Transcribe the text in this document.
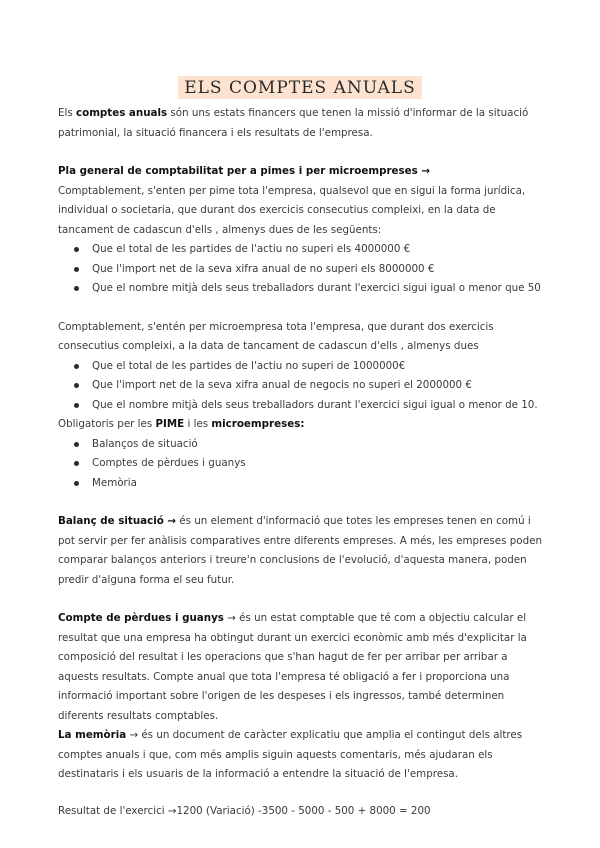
ELS COMPTES ANUALS

Els comptes anuals són uns estats financers que tenen la missió d'informar de la situació patrimonial, la situació financera i els resultats de l'empresa.

Pla general de comptabilitat per a pimes i per microempreses →

Comptablement, s'enten per pime tota l'empresa, qualsevol que en sigui la forma jurídica, individual o societaria, que durant dos exercicis consecutius compleixi, en la data de tancament de cadascun d'ells , almenys dues de les següents:

Que el total de les partides de l'actiu no superi els 4000000 €
Que l'import net de la seva xifra anual de no superi els 8000000 €
Que el nombre mitjà dels seus treballadors durant l'exercici sigui igual o menor que 50

Comptablement, s'entén per microempresa tota l'empresa, que durant dos exercicis consecutius compleixi, a la data de tancament de cadascun d'ells , almenys dues

Que el total de les partides de l'actiu no superi de 1000000€
Que l'import net de la seva xifra anual de negocis no superi el 2000000 €
Que el nombre mitjà dels seus treballadors durant l'exercici sigui igual o menor de 10.

Obligatoris per les PIME i les microempreses:

Balanços de situació
Comptes de pèrdues i guanys
Memòria

Balanç de situació → és un element d'informació que totes les empreses tenen en comú i pot servir per fer anàlisis comparatives entre diferents empreses. A més, les empreses poden comparar balanços anteriors i treure'n conclusions de l'evolució, d'aquesta manera, poden predir d'alguna forma el seu futur.

Compte de pèrdues i guanys → és un estat comptable que té com a objectiu calcular el resultat que una empresa ha obtingut durant un exercici econòmic amb més d'explicitar la composició del resultat i les operacions que s'han hagut de fer per arribar per arribar a aquests resultats. Compte anual que tota l'empresa té obligació a fer i proporciona una informació important sobre l'origen de les despeses i els ingressos, també determinen diferents resultats comptables.

La memòria → és un document de caràcter explicatiu que amplia el contingut dels altres comptes anuals i que, com més amplis siguin aquests comentaris, més ajudaran els destinataris i els usuaris de la informació a entendre la situació de l'empresa.

Resultat de l'exercici →1200 (Variació) -3500 - 5000 - 500 + 8000 = 200
